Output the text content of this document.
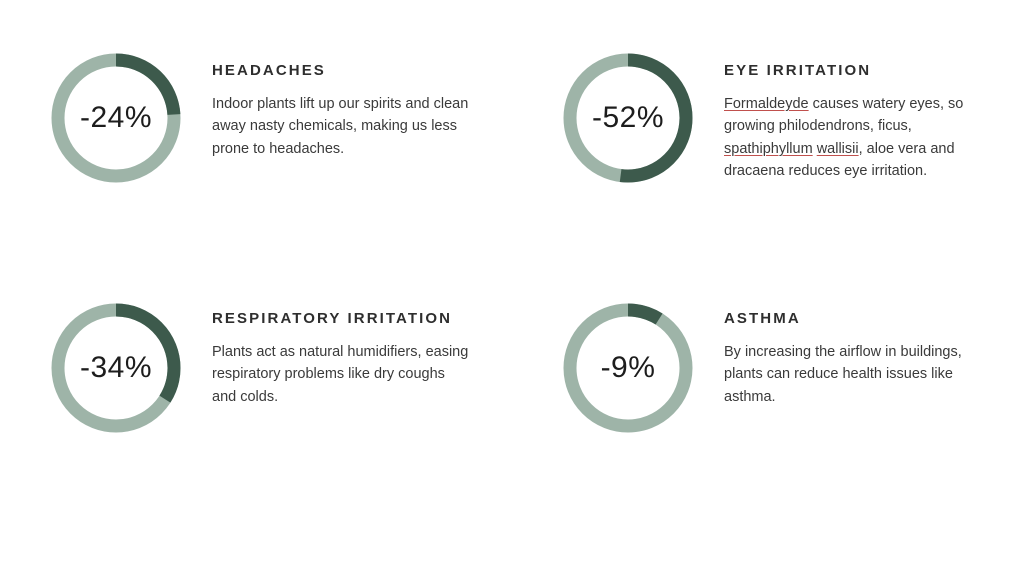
-24%
HEADACHES

Indoor plants lift up our spirits and clean away nasty chemicals, making us less prone to headaches.

-52%
EYE IRRITATION

Formaldeyde causes watery eyes, so growing philodendrons, ficus, spathiphyllum wallisii, aloe vera and dracaena reduces eye irritation.

-34%
RESPIRATORY IRRITATION

Plants act as natural humidifiers, easing respiratory problems like dry coughs and colds.

-9%
ASTHMA

By increasing the airflow in buildings, plants can reduce health issues like asthma.
